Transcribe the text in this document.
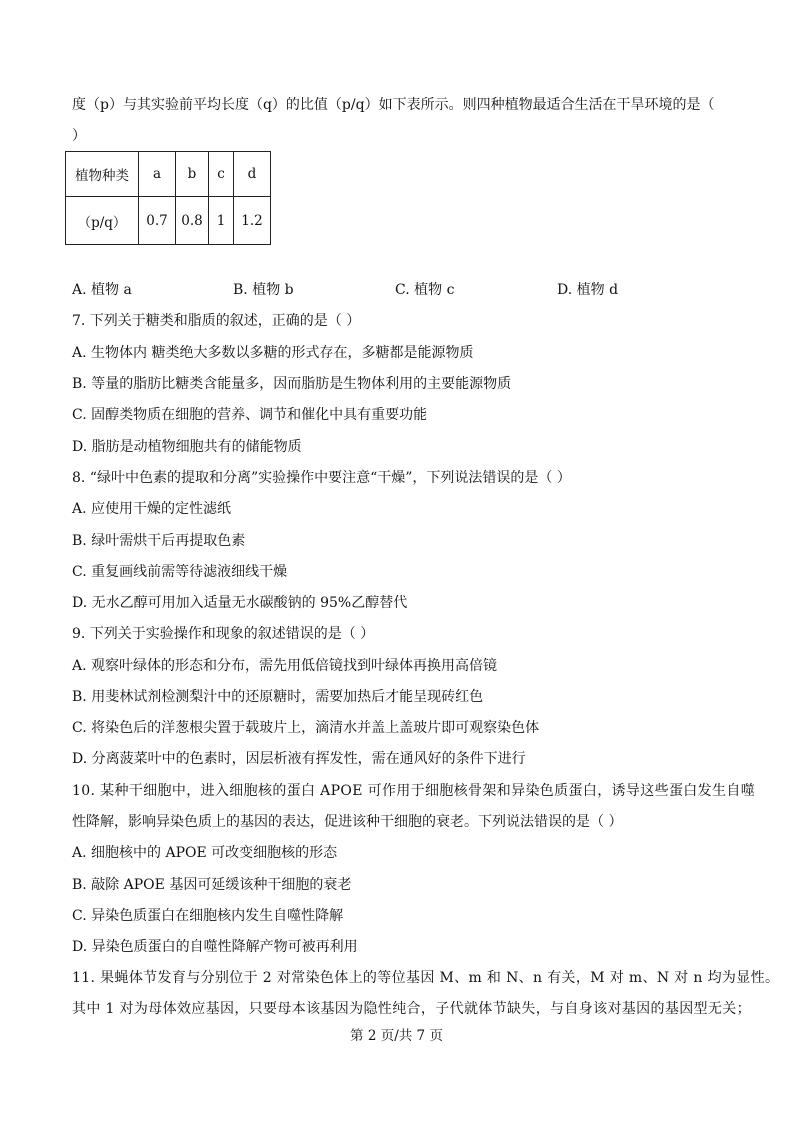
度（p）与其实验前平均长度（q）的比值（p/q）如下表所示。则四种植物最适合生活在干旱环境的是（
）
植物种类	a	b	c	d
（p/q）	0.7	0.8	1	1.2
A. 植物 a	B. 植物 b	C. 植物 c	D. 植物 d
7. 下列关于糖类和脂质的叙述，正确的是（ ）
A. 生物体内 糖类绝大多数以多糖的形式存在，多糖都是能源物质
B. 等量的脂肪比糖类含能量多，因而脂肪是生物体利用的主要能源物质
C. 固醇类物质在细胞的营养、调节和催化中具有重要功能
D. 脂肪是动植物细胞共有的储能物质
8. “绿叶中色素的提取和分离”实验操作中要注意“干燥”，下列说法错误的是（ ）
A. 应使用干燥的定性滤纸
B. 绿叶需烘干后再提取色素
C. 重复画线前需等待滤液细线干燥
D. 无水乙醇可用加入适量无水碳酸钠的 95%乙醇替代
9. 下列关于实验操作和现象的叙述错误的是（ ）
A. 观察叶绿体的形态和分布，需先用低倍镜找到叶绿体再换用高倍镜
B. 用斐林试剂检测梨汁中的还原糖时，需要加热后才能呈现砖红色
C. 将染色后的洋葱根尖置于载玻片上，滴清水并盖上盖玻片即可观察染色体
D. 分离菠菜叶中的色素时，因层析液有挥发性，需在通风好的条件下进行
10. 某种干细胞中，进入细胞核的蛋白 APOE 可作用于细胞核骨架和异染色质蛋白，诱导这些蛋白发生自噬
性降解，影响异染色质上的基因的表达，促进该种干细胞的衰老。下列说法错误的是（ ）
A. 细胞核中的 APOE 可改变细胞核的形态
B. 敲除 APOE 基因可延缓该种干细胞的衰老
C. 异染色质蛋白在细胞核内发生自噬性降解
D. 异染色质蛋白的自噬性降解产物可被再利用
11. 果蝇体节发育与分别位于 2 对常染色体上的等位基因 M、m 和 N、n 有关，M 对 m、N 对 n 均为显性。
其中 1 对为母体效应基因，只要母本该基因为隐性纯合，子代就体节缺失，与自身该对基因的基因型无关；
第 2 页/共 7 页
